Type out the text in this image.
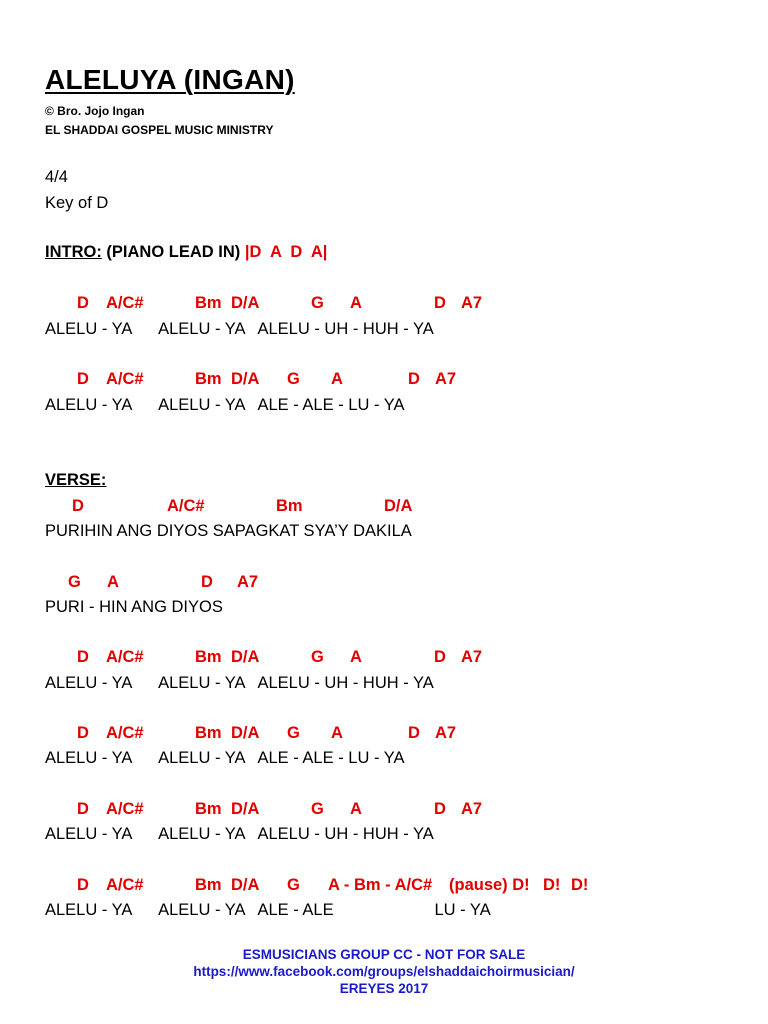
ALELUYA (INGAN)
© Bro. Jojo Ingan
EL SHADDAI GOSPEL MUSIC MINISTRY
4/4
Key of D
INTRO: (PIANO LEAD IN) |D  A  D  A|
D A/C#	Bm D/A	G A	D A7
ALELU - YA      ALELU - YA   ALELU - UH - HUH - YA
D A/C#	Bm D/A G A	D A7
ALELU - YA      ALELU - YA   ALE - ALE - LU - YA
VERSE:
D	A/C#	Bm	D/A
PURIHIN ANG DIYOS SAPAGKAT SYA’Y DAKILA
G A	D A7
PURI - HIN ANG DIYOS
D A/C#	Bm D/A	G A	D A7
ALELU - YA      ALELU - YA   ALELU - UH - HUH - YA
D A/C#	Bm D/A G A	D A7
ALELU - YA      ALELU - YA   ALE - ALE - LU - YA
D A/C#	Bm D/A	G A	D A7
ALELU - YA      ALELU - YA   ALELU - UH - HUH - YA
D A/C#	Bm D/A G A - Bm - A/C# (pause) D! D! D!
ALELU - YA      ALELU - YA   ALE - ALE                      LU - YA
ESMUSICIANS GROUP CC - NOT FOR SALE
https://www.facebook.com/groups/elshaddaichoirmusician/
EREYES 2017
